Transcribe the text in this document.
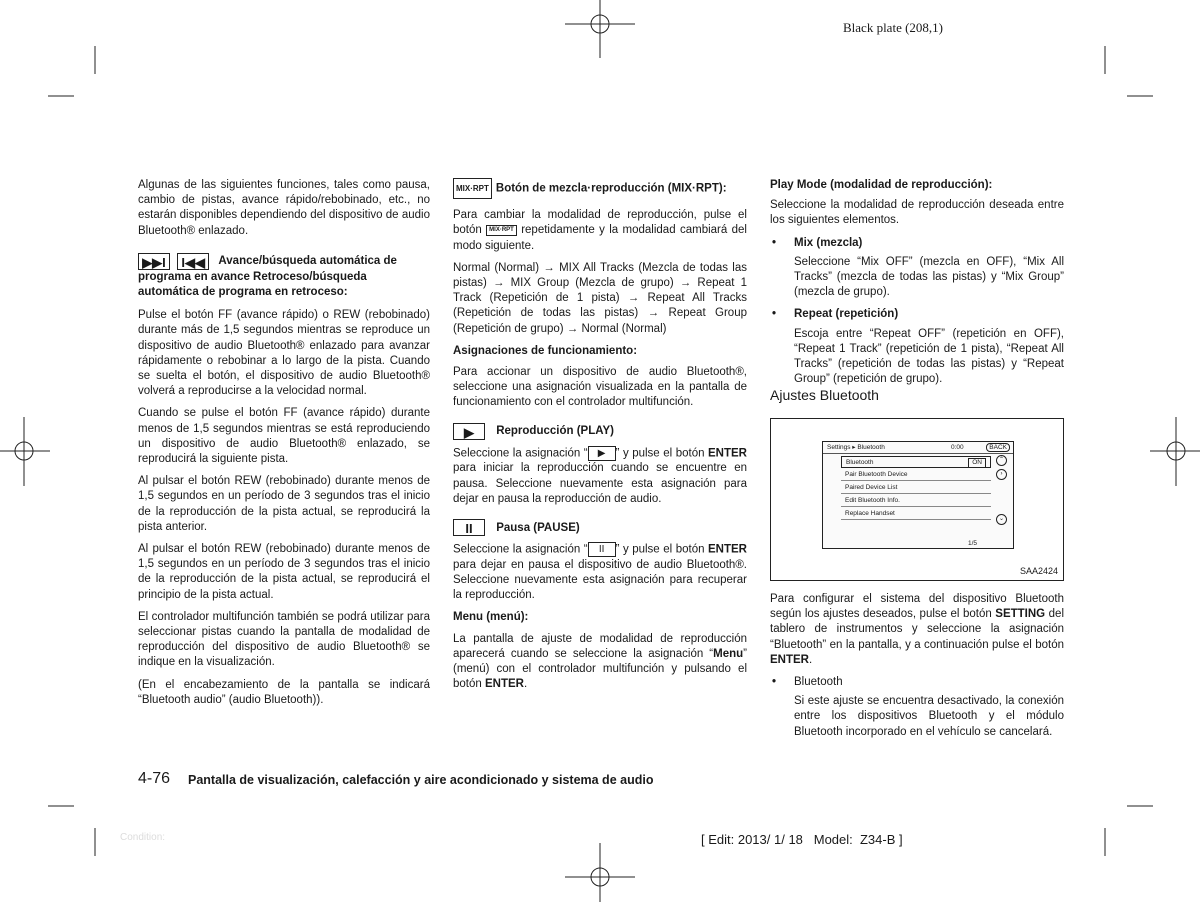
Black plate (208,1)

Algunas de las siguientes funciones, tales como pausa, cambio de pistas, avance rápido/rebobinado, etc., no estarán disponibles dependiendo del dispositivo de audio Bluetooth® enlazado.

▶▶I I◀◀ Avance/búsqueda automática de programa en avance Retroceso/búsqueda automática de programa en retroceso:

Pulse el botón FF (avance rápido) o REW (rebobinado) durante más de 1,5 segundos mientras se reproduce un dispositivo de audio Bluetooth® enlazado para avanzar rápidamente o rebobinar a lo largo de la pista. Cuando se suelta el botón, el dispositivo de audio Bluetooth® volverá a reproducirse a la velocidad normal.

Cuando se pulse el botón FF (avance rápido) durante menos de 1,5 segundos mientras se está reproduciendo un dispositivo de audio Bluetooth® enlazado, se reproducirá la siguiente pista.

Al pulsar el botón REW (rebobinado) durante menos de 1,5 segundos en un período de 3 segundos tras el inicio de la reproducción de la pista actual, se reproducirá la pista anterior.

Al pulsar el botón REW (rebobinado) durante menos de 1,5 segundos en un período de 3 segundos tras el inicio de la reproducción de la pista actual, se reproducirá el principio de la pista actual.

El controlador multifunción también se podrá utilizar para seleccionar pistas cuando la pantalla de modalidad de reproducción del dispositivo de audio Bluetooth® se indique en la visualización.

(En el encabezamiento de la pantalla se indicará “Bluetooth audio” (audio Bluetooth)).

MIX·RPT Botón de mezcla·reproducción (MIX·RPT):

Para cambiar la modalidad de reproducción, pulse el botón MIX·RPT repetidamente y la modalidad cambiará del modo siguiente.

Normal (Normal) → MIX All Tracks (Mezcla de todas las pistas) → MIX Group (Mezcla de grupo) → Repeat 1 Track (Repetición de 1 pista) → Repeat All Tracks (Repetición de todas las pistas) → Repeat Group (Repetición de grupo) → Normal (Normal)

Asignaciones de funcionamiento:

Para accionar un dispositivo de audio Bluetooth®, seleccione una asignación visualizada en la pantalla de funcionamiento con el controlador multifunción.

▶ Reproducción (PLAY)

Seleccione la asignación “ ▶ ” y pulse el botón ENTER para iniciar la reproducción cuando se encuentre en pausa. Seleccione nuevamente esta asignación para dejar en pausa la reproducción de audio.

II Pausa (PAUSE)

Seleccione la asignación “ II ” y pulse el botón ENTER para dejar en pausa el dispositivo de audio Bluetooth®. Seleccione nuevamente esta asignación para recuperar la reproducción.

Menu (menú):

La pantalla de ajuste de modalidad de reproducción aparecerá cuando se seleccione la asignación “Menu” (menú) con el controlador multifunción y pulsando el botón ENTER.

Play Mode (modalidad de reproducción):

Seleccione la modalidad de reproducción deseada entre los siguientes elementos.

• Mix (mezcla)

Seleccione “Mix OFF” (mezcla en OFF), “Mix All Tracks” (mezcla de todas las pistas) y “Mix Group” (mezcla de grupo).

• Repeat (repetición)

Escoja entre “Repeat OFF” (repetición en OFF), “Repeat 1 Track” (repetición de 1 pista), “Repeat All Tracks” (repetición de todas las pistas) y “Repeat Group” (repetición de grupo).

Ajustes Bluetooth
Settings ▸ Bluetooth	0:00	BACK
Bluetooth	ON
Pair Bluetooth Device
Paired Device List
Edit Bluetooth Info.
Replace Handset
⌃
›
⌄
1/5
SAA2424

Para configurar el sistema del dispositivo Bluetooth según los ajustes deseados, pulse el botón SETTING del tablero de instrumentos y seleccione la asignación “Bluetooth” en la pantalla, y a continuación pulse el botón ENTER.

• Bluetooth

Si este ajuste se encuentra desactivado, la conexión entre los dispositivos Bluetooth y el módulo Bluetooth incorporado en el vehículo se cancelará.

4-76 Pantalla de visualización, calefacción y aire acondicionado y sistema de audio
Condition:	[ Edit: 2013/ 1/ 18   Model:  Z34-B ]
